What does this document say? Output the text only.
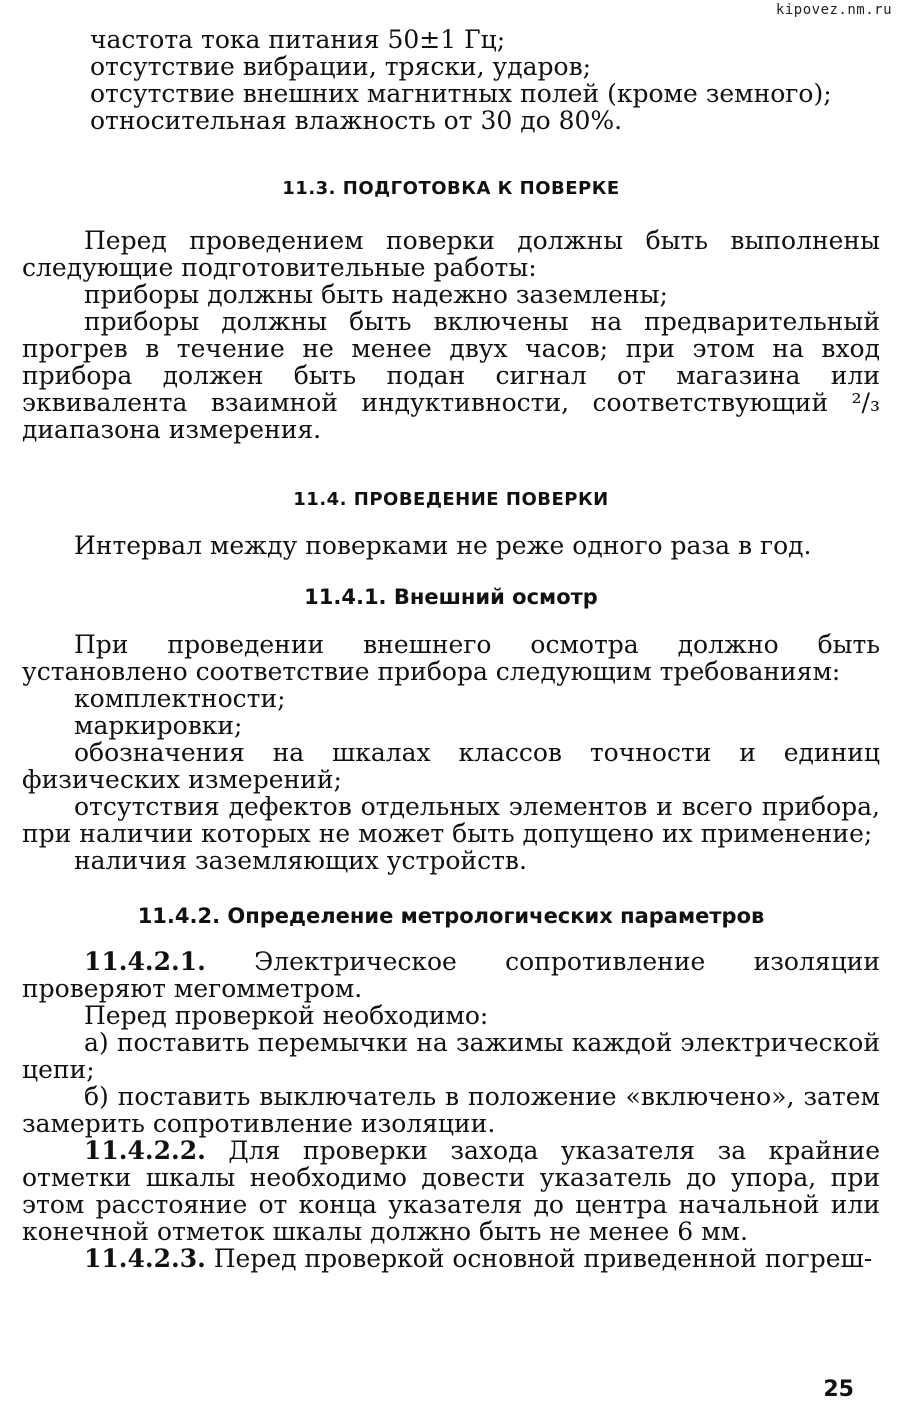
kipovez.nm.ru

частота тока питания 50±1 Гц;

отсутствие вибрации, тряски, ударов;

отсутствие внешних магнитных полей (кроме земного);

относительная влажность от 30 до 80%.

11.3. ПОДГОТОВКА К ПОВЕРКЕ

Перед проведением поверки должны быть выполнены следующие подготовительные работы:

приборы должны быть надежно заземлены;

приборы должны быть включены на предварительный прогрев в течение не менее двух часов; при этом на вход прибора должен быть подан сигнал от магазина или эквивалента взаимной индуктивности, соответствующий ²/₃ диапазона измерения.

11.4. ПРОВЕДЕНИЕ ПОВЕРКИ

Интервал между поверками не реже одного раза в год.

11.4.1. Внешний осмотр

При проведении внешнего осмотра должно быть установлено соответствие прибора следующим требованиям:

комплектности;

маркировки;

обозначения на шкалах классов точности и единиц физических измерений;

отсутствия дефектов отдельных элементов и всего прибора, при наличии которых не может быть допущено их применение;

наличия заземляющих устройств.

11.4.2. Определение метрологических параметров

11.4.2.1. Электрическое сопротивление изоляции проверяют мегомметром.

Перед проверкой необходимо:

а) поставить перемычки на зажимы каждой электрической цепи;

б) поставить выключатель в положение «включено», затем замерить сопротивление изоляции.

11.4.2.2. Для проверки захода указателя за крайние отметки шкалы необходимо довести указатель до упора, при этом расстояние от конца указателя до центра начальной или конечной отметок шкалы должно быть не менее 6 мм.

11.4.2.3. Перед проверкой основной приведенной погреш-

25
